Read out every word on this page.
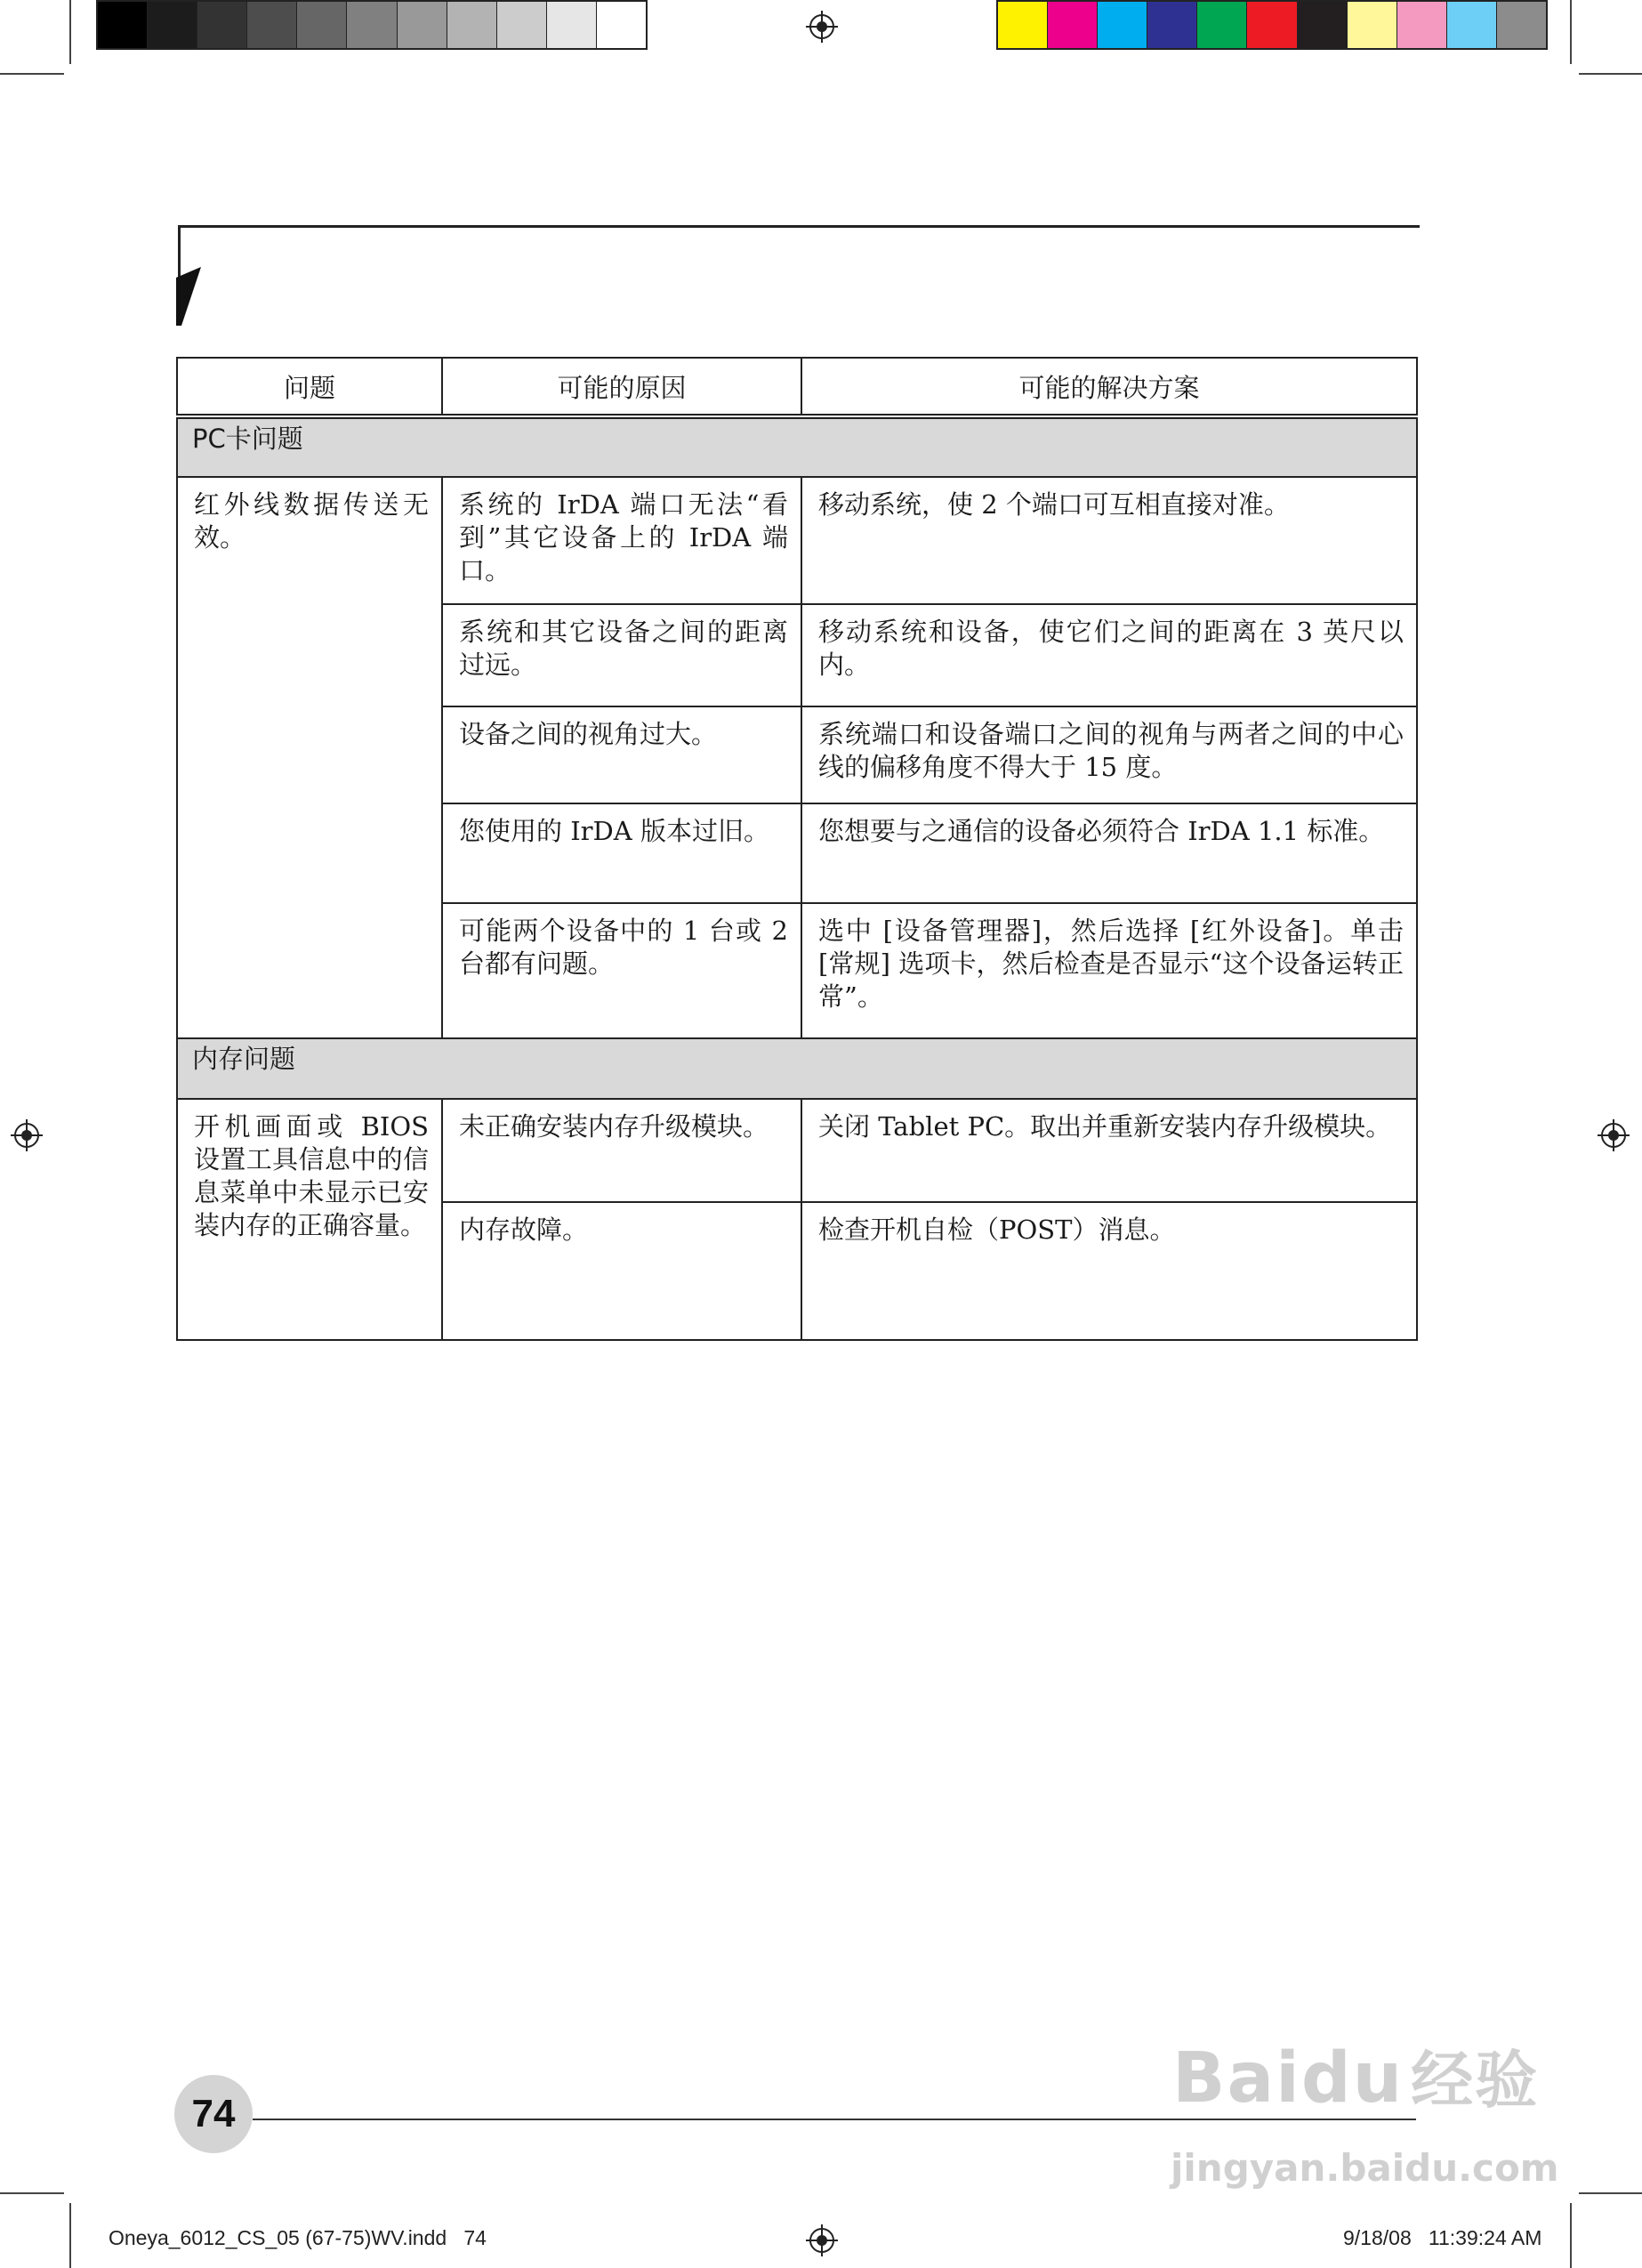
问题	可能的原因	可能的解决方案
PC卡问题		
红外线数据传送无效。	系统的 IrDA 端口无法“看到”其它设备上的 IrDA 端口。	移动系统，使 2 个端口可互相直接对准。
	系统和其它设备之间的距离过远。	移动系统和设备，使它们之间的距离在 3 英尺以内。
	设备之间的视角过大。	系统端口和设备端口之间的视角与两者之间的中心线的偏移角度不得大于 15 度。
	您使用的 IrDA 版本过旧。	您想要与之通信的设备必须符合 IrDA 1.1 标准。
	可能两个设备中的 1 台或 2 台都有问题。	选中 [设备管理器]，然后选择 [红外设备]。单击 [常规] 选项卡，然后检查是否显示“这个设备运转正常”。
内存问题		
开机画面或 BIOS 设置工具信息中的信息菜单中未显示已安装内存的正确容量。	未正确安装内存升级模块。	关闭 Tablet PC。取出并重新安装内存升级模块。
	内存故障。	检查开机自检（POST）消息。
74	Baidu 经验
jingyan.baidu.com
Oneya_6012_CS_05 (67-75)WV.indd   74	9/18/08   11:39:24 AM
